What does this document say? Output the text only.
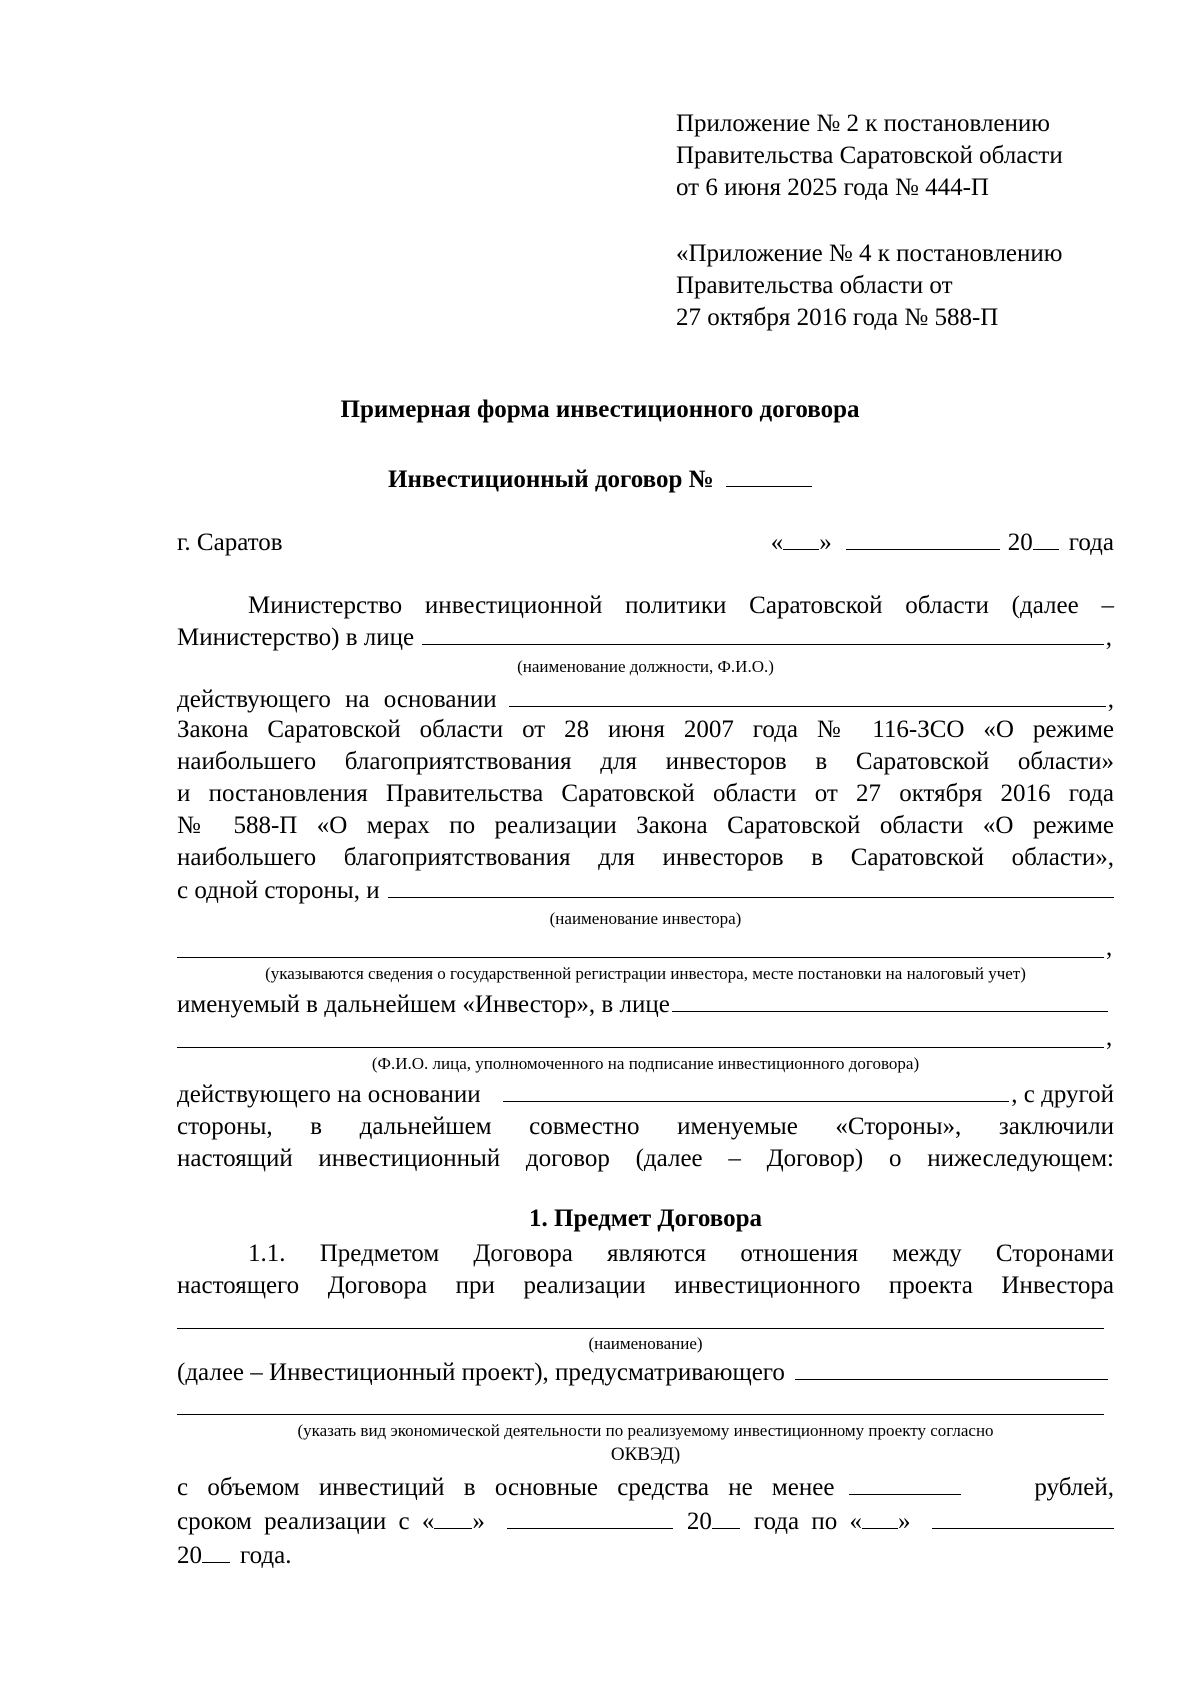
Приложение № 2 к постановлению
Правительства Саратовской области
от 6 июня 2025 года № 444-П
«Приложение № 4 к постановлению
Правительства области от
27 октября 2016 года № 588-П
Примерная форма инвестиционного договора
Инвестиционный договор №
г. Саратов	« »	20 года
Министерство инвестиционной политики Саратовской области (далее –
Министерство) в лице	,
(наименование должности, Ф.И.О.)
действующего на основании	,
Закона Саратовской области от 28 июня 2007 года № 116-ЗСО «О режиме
наибольшего благоприятствования для инвесторов в Саратовской области»
и постановления Правительства Саратовской области от 27 октября 2016 года
№ 588-П «О мерах по реализации Закона Саратовской области «О режиме
наибольшего благоприятствования для инвесторов в Саратовской области»,
с одной стороны, и
(наименование инвестора)
,
(указываются сведения о государственной регистрации инвестора, месте постановки на налоговый учет)
именуемый в дальнейшем «Инвестор», в лице
,
(Ф.И.О. лица, уполномоченного на подписание инвестиционного договора)
действующего на основании	, с другой
стороны, в дальнейшем совместно именуемые «Стороны», заключили
настоящий инвестиционный договор (далее – Договор) о нижеследующем:
1. Предмет Договора
1.1. Предметом Договора являются отношения между Сторонами
настоящего Договора при реализации инвестиционного проекта Инвестора
(наименование)
(далее – Инвестиционный проект), предусматривающего
(указать вид экономической деятельности по реализуемому инвестиционному проекту согласно
ОКВЭД)
с объемом инвестиций в основные средства не менее	рублей,
сроком реализации с « »	20 года по « »
20 года.
